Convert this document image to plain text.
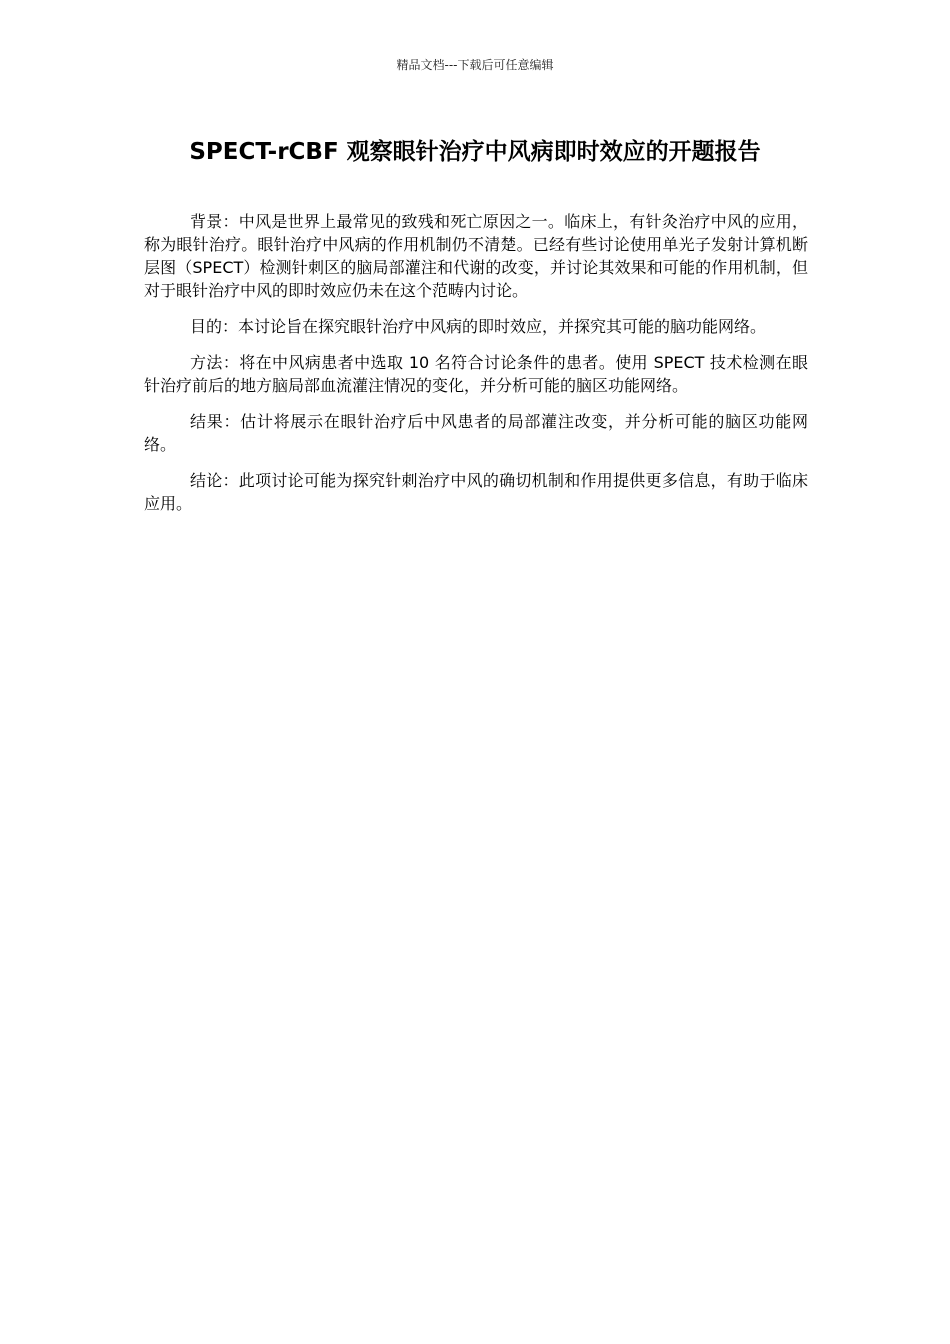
精品文档---下载后可任意编辑
SPECT-rCBF 观察眼针治疗中风病即时效应的开题报告

背景：中风是世界上最常见的致残和死亡原因之一。临床上，有针灸治疗中风的应用，称为眼针治疗。眼针治疗中风病的作用机制仍不清楚。已经有些讨论使用单光子发射计算机断层图（SPECT）检测针刺区的脑局部灌注和代谢的改变，并讨论其效果和可能的作用机制，但对于眼针治疗中风的即时效应仍未在这个范畴内讨论。

目的：本讨论旨在探究眼针治疗中风病的即时效应，并探究其可能的脑功能网络。

方法：将在中风病患者中选取 10 名符合讨论条件的患者。使用 SPECT 技术检测在眼针治疗前后的地方脑局部血流灌注情况的变化，并分析可能的脑区功能网络。

结果：估计将展示在眼针治疗后中风患者的局部灌注改变，并分析可能的脑区功能网络。

结论：此项讨论可能为探究针刺治疗中风的确切机制和作用提供更多信息，有助于临床应用。
